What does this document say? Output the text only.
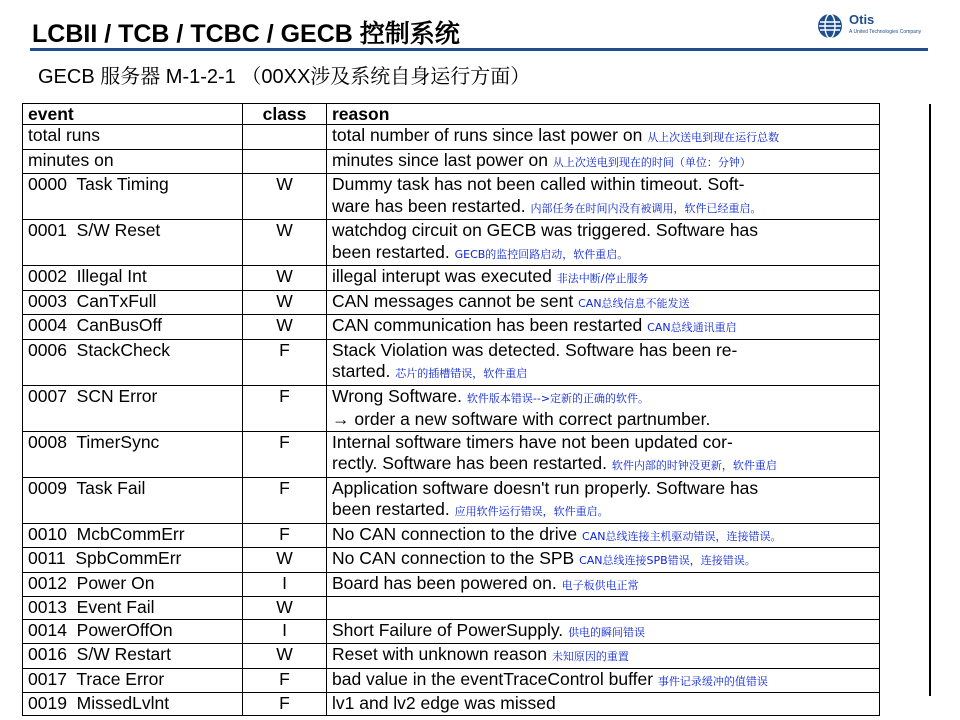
LCBII / TCB / TCBC / GECB 控制系统
Otis
A United Technologies Company
GECB 服务器 M-1-2-1 （00XX涉及系统自身运行方面）
event	class	reason
total runs		total number of runs since last power on 从上次送电到现在运行总数

minutes on		minutes since last power on 从上次送电到现在的时间（单位：分钟）

0000  Task Timing	W	Dummy task has not been called within timeout. Soft-
ware has been restarted. 内部任务在时间内没有被调用，软件已经重启。

0001  S/W Reset	W	watchdog circuit on GECB was triggered. Software has
been restarted. GECB的监控回路启动，软件重启。

0002  Illegal Int	W	illegal interupt was executed 非法中断/停止服务

0003  CanTxFull	W	CAN messages cannot be sent CAN总线信息不能发送

0004  CanBusOff	W	CAN communication has been restarted CAN总线通讯重启

0006  StackCheck	F	Stack Violation was detected. Software has been re-
started. 芯片的插槽错误，软件重启

0007  SCN Error	F	Wrong Software. 软件版本错误-->定新的正确的软件。
→ order a new software with correct partnumber.

0008  TimerSync	F	Internal software timers have not been updated cor-
rectly. Software has been restarted. 软件内部的时钟没更新，软件重启

0009  Task Fail	F	Application software doesn't run properly. Software has
been restarted. 应用软件运行错误，软件重启。

0010  McbCommErr	F	No CAN connection to the drive CAN总线连接主机驱动错误，连接错误。

0011  SpbCommErr	W	No CAN connection to the SPB CAN总线连接SPB错误，连接错误。

0012  Power On	I	Board has been powered on. 电子板供电正常

0013  Event Fail	W	

0014  PowerOffOn	I	Short Failure of PowerSupply. 供电的瞬间错误

0016  S/W Restart	W	Reset with unknown reason 未知原因的重置

0017  Trace Error	F	bad value in the eventTraceControl buffer 事件记录缓冲的值错误

0019  MissedLvlnt	F	lv1 and lv2 edge was missed
